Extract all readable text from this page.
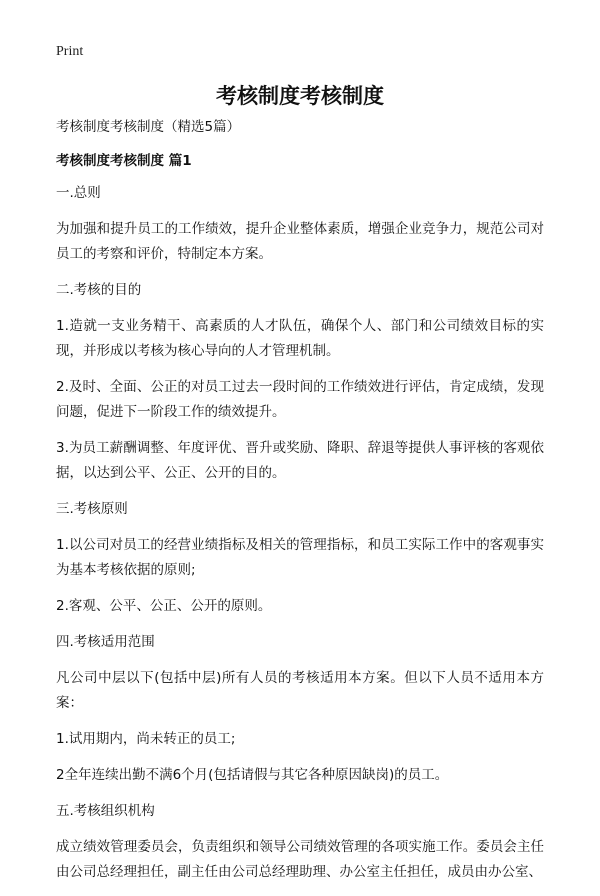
Print
考核制度考核制度

考核制度考核制度（精选5篇）

考核制度考核制度 篇1

一.总则

为加强和提升员工的工作绩效，提升企业整体素质，增强企业竞争力，规范公司对员工的考察和评价，特制定本方案。

二.考核的目的

1.造就一支业务精干、高素质的人才队伍，确保个人、部门和公司绩效目标的实现，并形成以考核为核心导向的人才管理机制。

2.及时、全面、公正的对员工过去一段时间的工作绩效进行评估，肯定成绩，发现问题，促进下一阶段工作的绩效提升。

3.为员工薪酬调整、年度评优、晋升或奖励、降职、辞退等提供人事评核的客观依据，以达到公平、公正、公开的目的。

三.考核原则

1.以公司对员工的经营业绩指标及相关的管理指标，和员工实际工作中的客观事实为基本考核依据的原则;

2.客观、公平、公正、公开的原则。

四.考核适用范围

凡公司中层以下(包括中层)所有人员的考核适用本方案。但以下人员不适用本方案：

1.试用期内，尚未转正的员工;

2全年连续出勤不满6个月(包括请假与其它各种原因缺岗)的员工。

五.考核组织机构

成立绩效管理委员会，负责组织和领导公司绩效管理的各项实施工作。委员会主任由公司总经理担任，副主任由公司总经理助理、办公室主任担任，成员由办公室、
